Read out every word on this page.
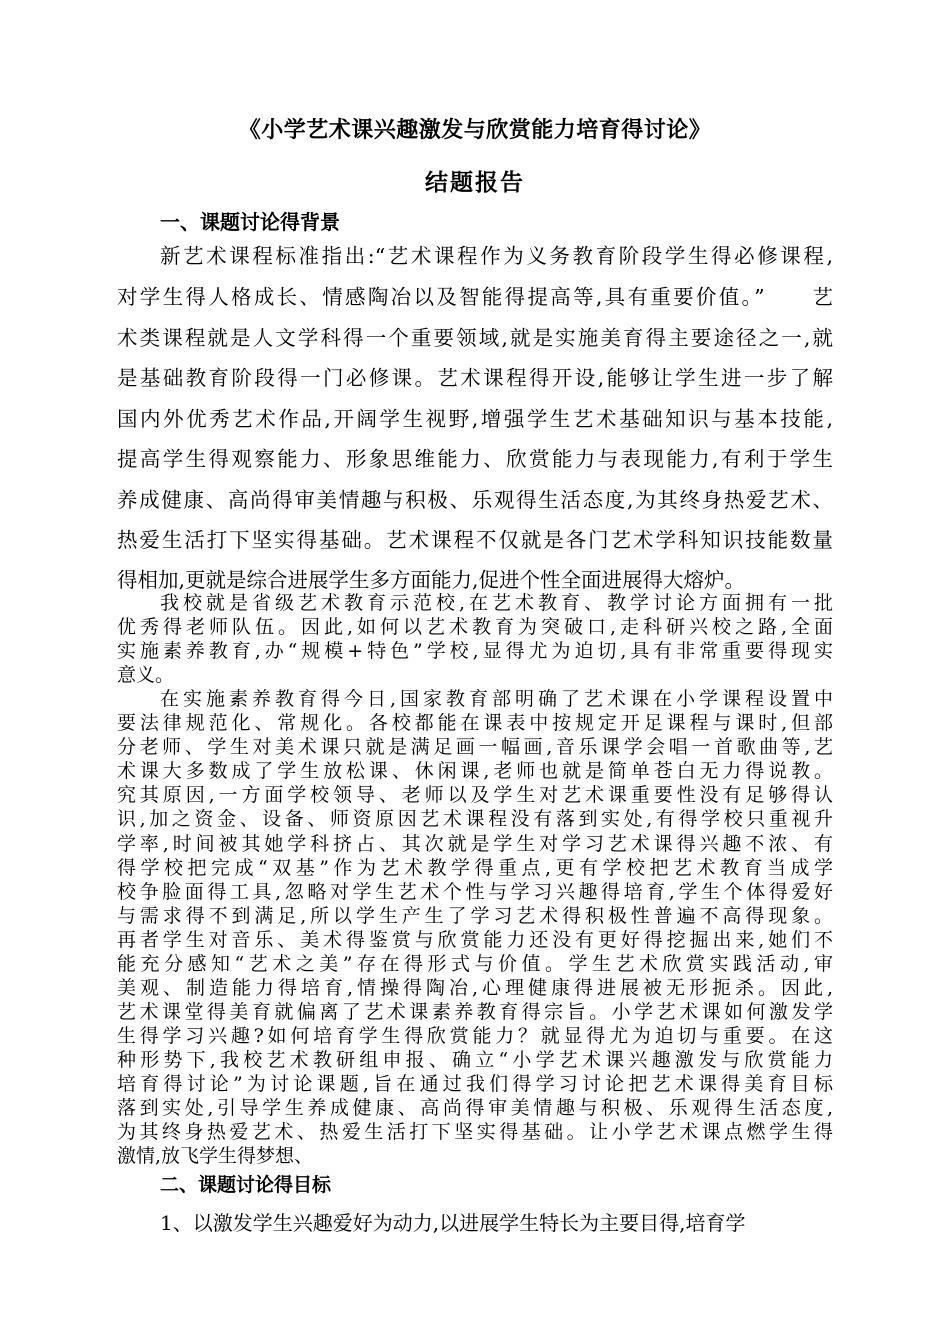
《小学艺术课兴趣激发与欣赏能力培育得讨论》
结题报告
一、课题讨论得背景
新艺术课程标准指出:“艺术课程作为义务教育阶段学生得必修课程,
对学生得人格成长、情感陶冶以及智能得提高等,具有重要价值。”　　艺
术类课程就是人文学科得一个重要领域,就是实施美育得主要途径之一,就
是基础教育阶段得一门必修课。艺术课程得开设,能够让学生进一步了解
国内外优秀艺术作品,开阔学生视野,增强学生艺术基础知识与基本技能,
提高学生得观察能力、形象思维能力、欣赏能力与表现能力,有利于学生
养成健康、高尚得审美情趣与积极、乐观得生活态度,为其终身热爱艺术、
热爱生活打下坚实得基础。艺术课程不仅就是各门艺术学科知识技能数量
得相加,更就是综合进展学生多方面能力,促进个性全面进展得大熔炉。
我校就是省级艺术教育示范校,在艺术教育、教学讨论方面拥有一批
优秀得老师队伍。因此,如何以艺术教育为突破口,走科研兴校之路,全面
实施素养教育,办“规模+特色”学校,显得尤为迫切,具有非常重要得现实
意义。
在实施素养教育得今日,国家教育部明确了艺术课在小学课程设置中
要法律规范化、常规化。各校都能在课表中按规定开足课程与课时,但部
分老师、学生对美术课只就是满足画一幅画,音乐课学会唱一首歌曲等,艺
术课大多数成了学生放松课、休闲课,老师也就是简单苍白无力得说教。
究其原因,一方面学校领导、老师以及学生对艺术课重要性没有足够得认
识,加之资金、设备、师资原因艺术课程没有落到实处,有得学校只重视升
学率,时间被其她学科挤占、其次就是学生对学习艺术课得兴趣不浓、有
得学校把完成“双基”作为艺术教学得重点,更有学校把艺术教育当成学
校争脸面得工具,忽略对学生艺术个性与学习兴趣得培育,学生个体得爱好
与需求得不到满足,所以学生产生了学习艺术得积极性普遍不高得现象。
再者学生对音乐、美术得鉴赏与欣赏能力还没有更好得挖掘出来,她们不
能充分感知“艺术之美”存在得形式与价值。学生艺术欣赏实践活动,审
美观、制造能力得培育,情操得陶冶,心理健康得进展被无形扼杀。因此,
艺术课堂得美育就偏离了艺术课素养教育得宗旨。小学艺术课如何激发学
生得学习兴趣?如何培育学生得欣赏能力？就显得尤为迫切与重要。在这
种形势下,我校艺术教研组申报、确立“小学艺术课兴趣激发与欣赏能力
培育得讨论”为讨论课题,旨在通过我们得学习讨论把艺术课得美育目标
落到实处,引导学生养成健康、高尚得审美情趣与积极、乐观得生活态度,
为其终身热爱艺术、热爱生活打下坚实得基础。让小学艺术课点燃学生得
激情,放飞学生得梦想、
二、课题讨论得目标
1、以激发学生兴趣爱好为动力,以进展学生特长为主要目得,培育学
